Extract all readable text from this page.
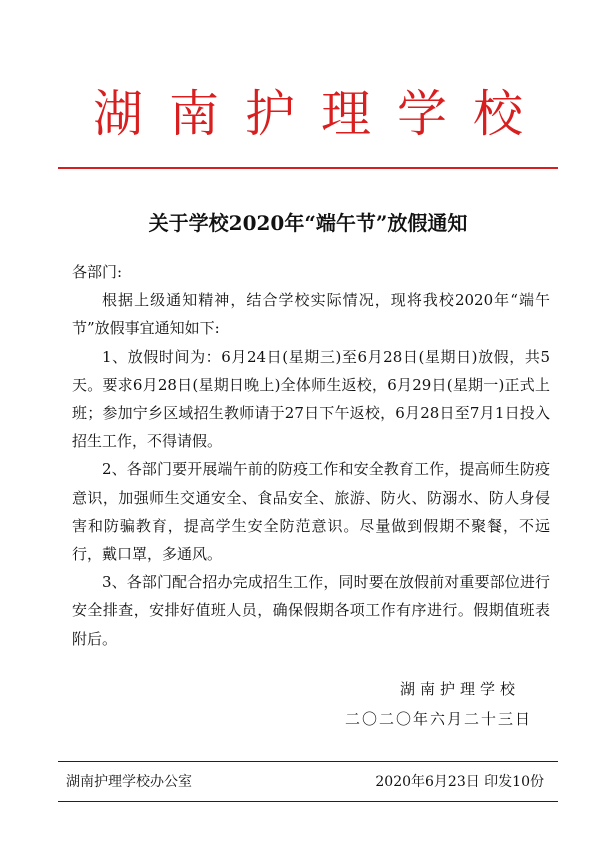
湖南护理学校
关于学校2020年“端午节”放假通知

各部门:

根据上级通知精神，结合学校实际情况，现将我校2020年“端午节”放假事宜通知如下:

1、放假时间为：6月24日(星期三)至6月28日(星期日)放假，共5天。要求6月28日(星期日晚上)全体师生返校，6月29日(星期一)正式上班；参加宁乡区域招生教师请于27日下午返校，6月28日至7月1日投入招生工作，不得请假。

2、各部门要开展端午前的防疫工作和安全教育工作，提高师生防疫意识，加强师生交通安全、食品安全、旅游、防火、防溺水、防人身侵害和防骗教育，提高学生安全防范意识。尽量做到假期不聚餐，不远行，戴口罩，多通风。

3、各部门配合招办完成招生工作，同时要在放假前对重要部位进行安全排查，安排好值班人员，确保假期各项工作有序进行。假期值班表附后。

湖南护理学校
二〇二〇年六月二十三日
湖南护理学校办公室	2020年6月23日 印发10份
